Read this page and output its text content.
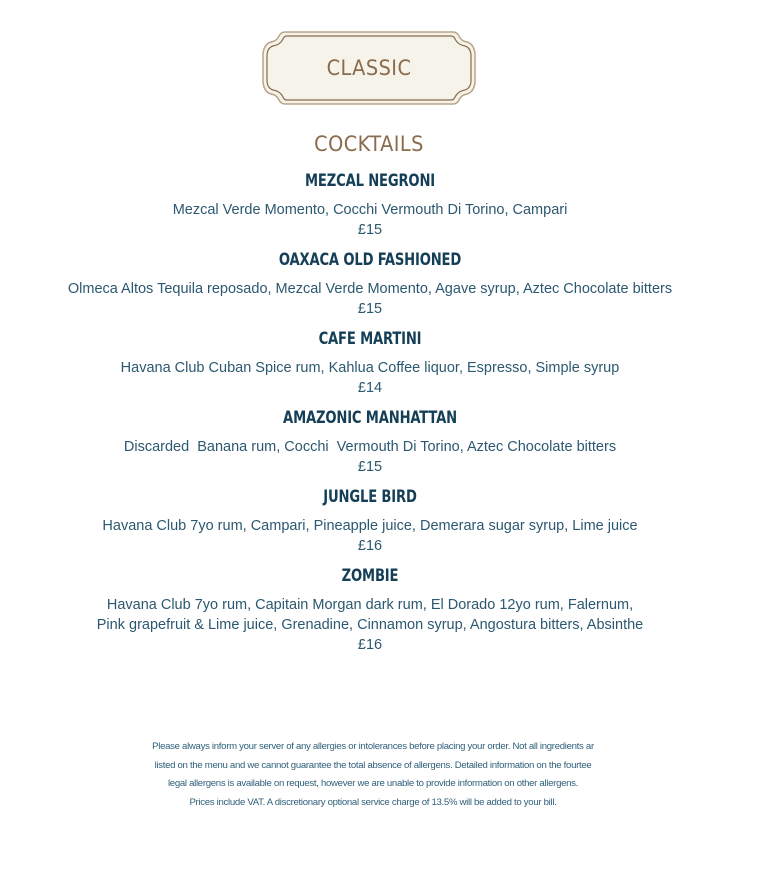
CLASSIC COCKTAILS
MEZCAL NEGRONI
Mezcal Verde Momento, Cocchi Vermouth Di Torino, Campari
£15
OAXACA OLD FASHIONED
Olmeca Altos Tequila reposado, Mezcal Verde Momento, Agave syrup, Aztec Chocolate bitters
£15
CAFE MARTINI
Havana Club Cuban Spice rum, Kahlua Coffee liquor, Espresso, Simple syrup
£14
AMAZONIC MANHATTAN
Discarded  Banana rum, Cocchi  Vermouth Di Torino, Aztec Chocolate bitters
£15
JUNGLE BIRD
Havana Club 7yo rum, Campari, Pineapple juice, Demerara sugar syrup, Lime juice
£16
ZOMBIE
Havana Club 7yo rum, Capitain Morgan dark rum, El Dorado 12yo rum, Falernum,
Pink grapefruit & Lime juice, Grenadine, Cinnamon syrup, Angostura bitters, Absinthe
£16
Please always inform your server of any allergies or intolerances before placing your order. Not all ingredients ar
listed on the menu and we cannot guarantee the total absence of allergens. Detailed information on the fourtee
legal allergens is available on request, however we are unable to provide information on other allergens.
Prices include VAT. A discretionary optional service charge of 13.5% will be added to your bill.
